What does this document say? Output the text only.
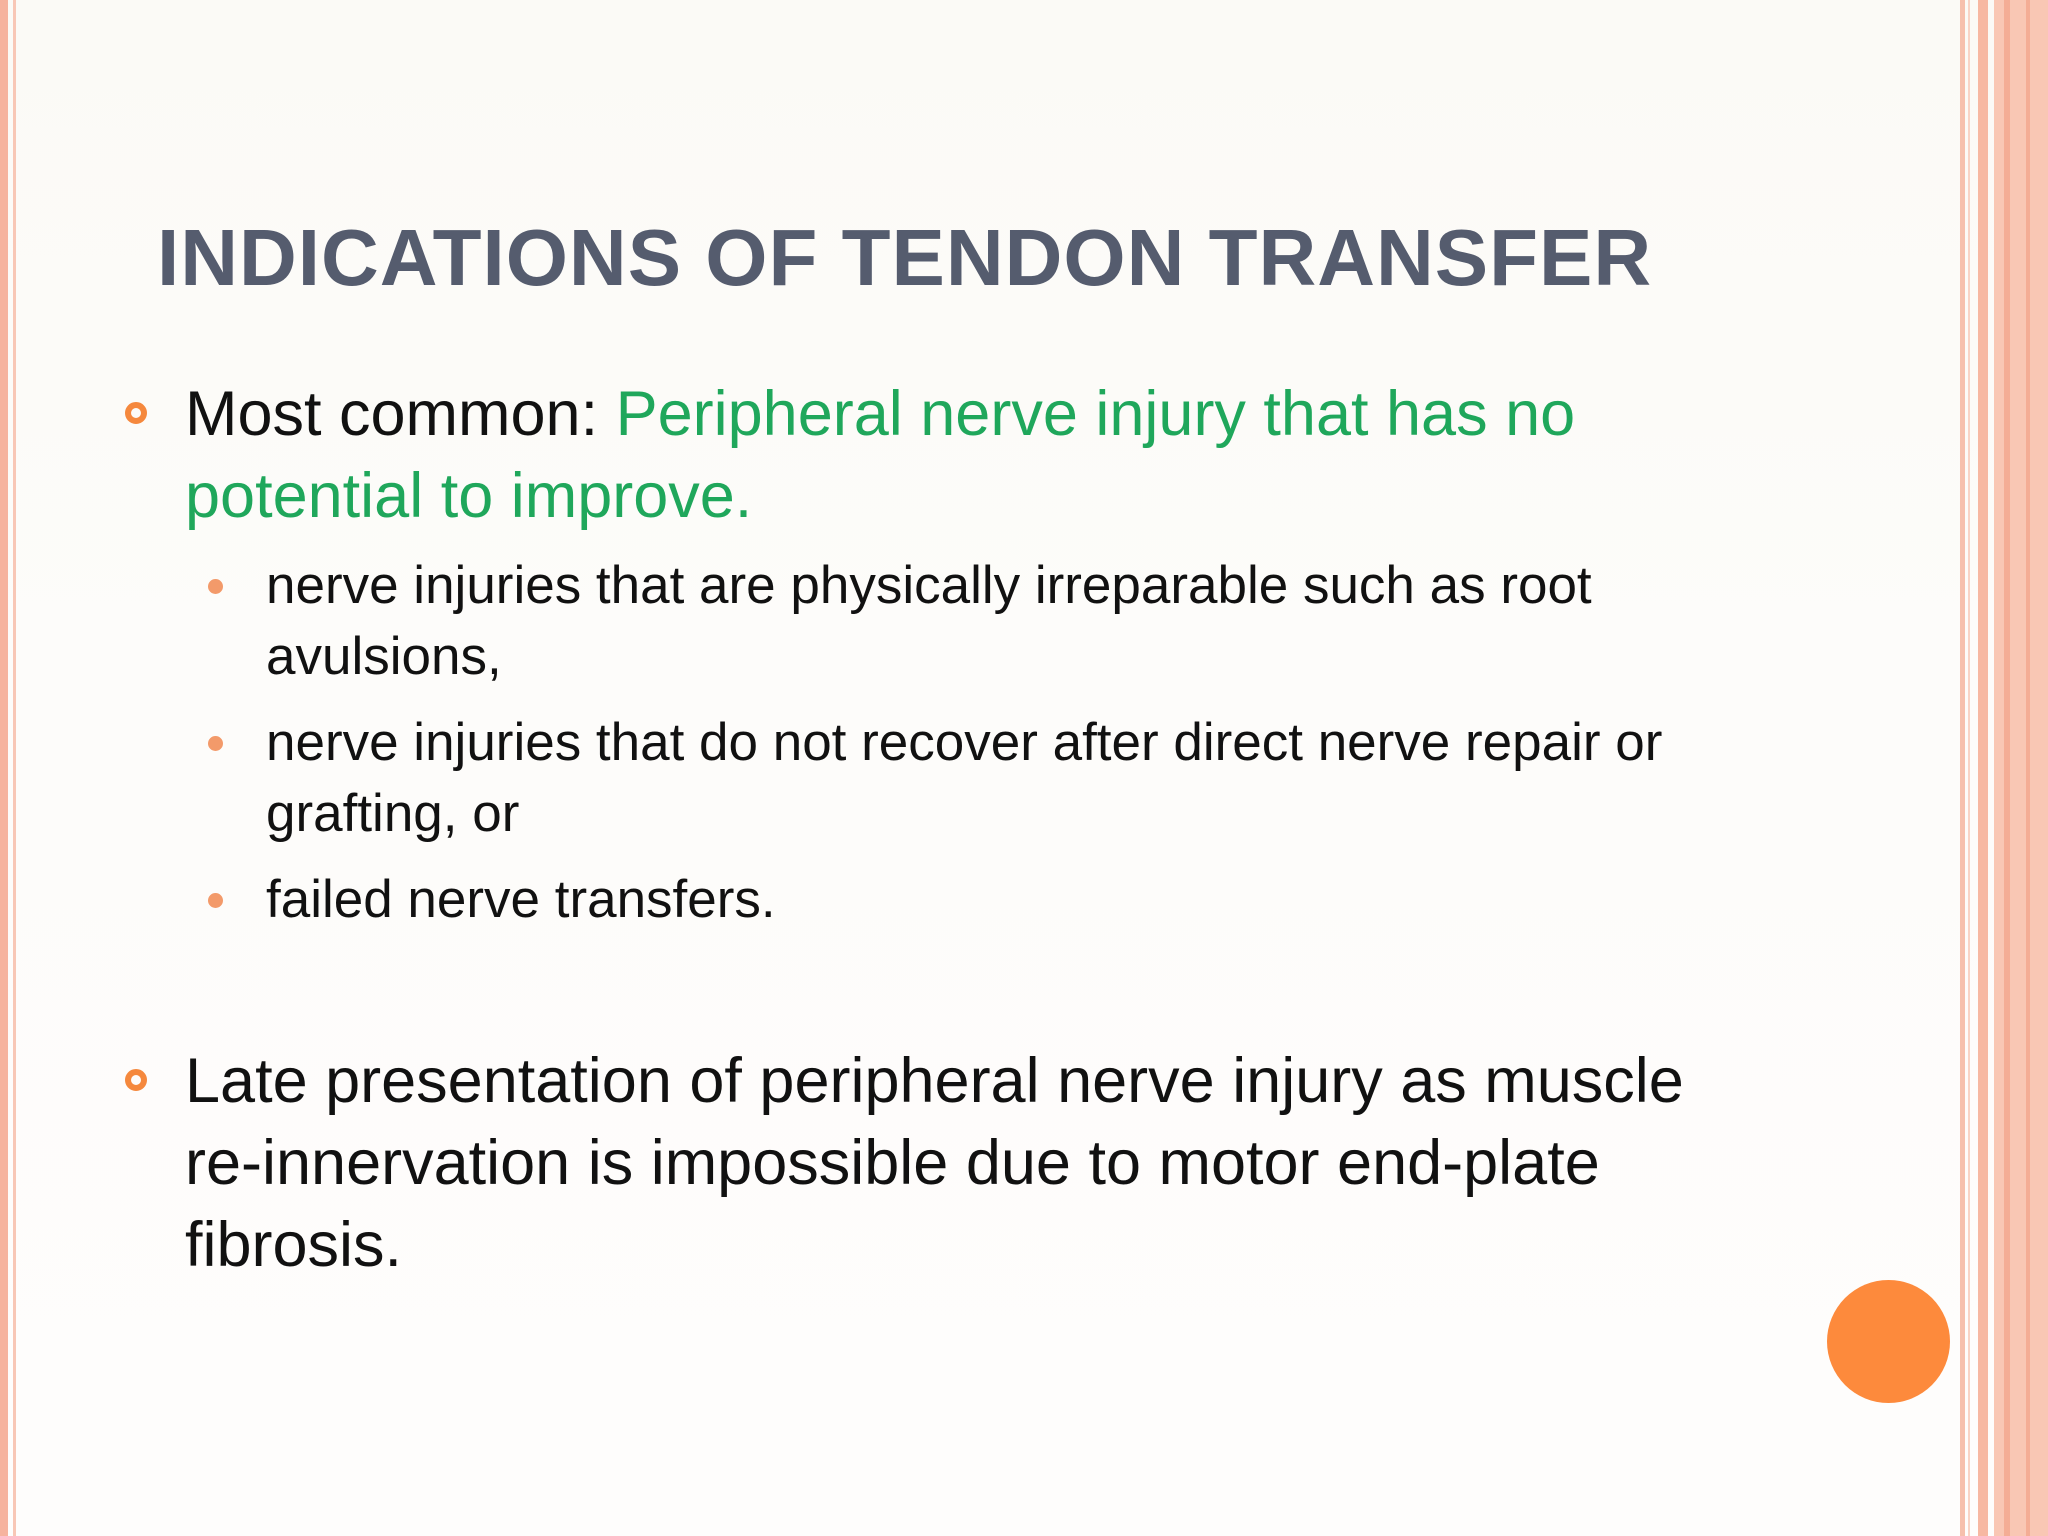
INDICATIONS OF TENDON TRANSFER
Most common: Peripheral nerve injury that has no potential to improve.
nerve injuries that are physically irreparable such as root avulsions,
nerve injuries that do not recover after direct nerve repair or grafting, or
failed nerve transfers.
Late presentation of peripheral nerve injury as muscle re-innervation is impossible due to motor end-plate fibrosis.
